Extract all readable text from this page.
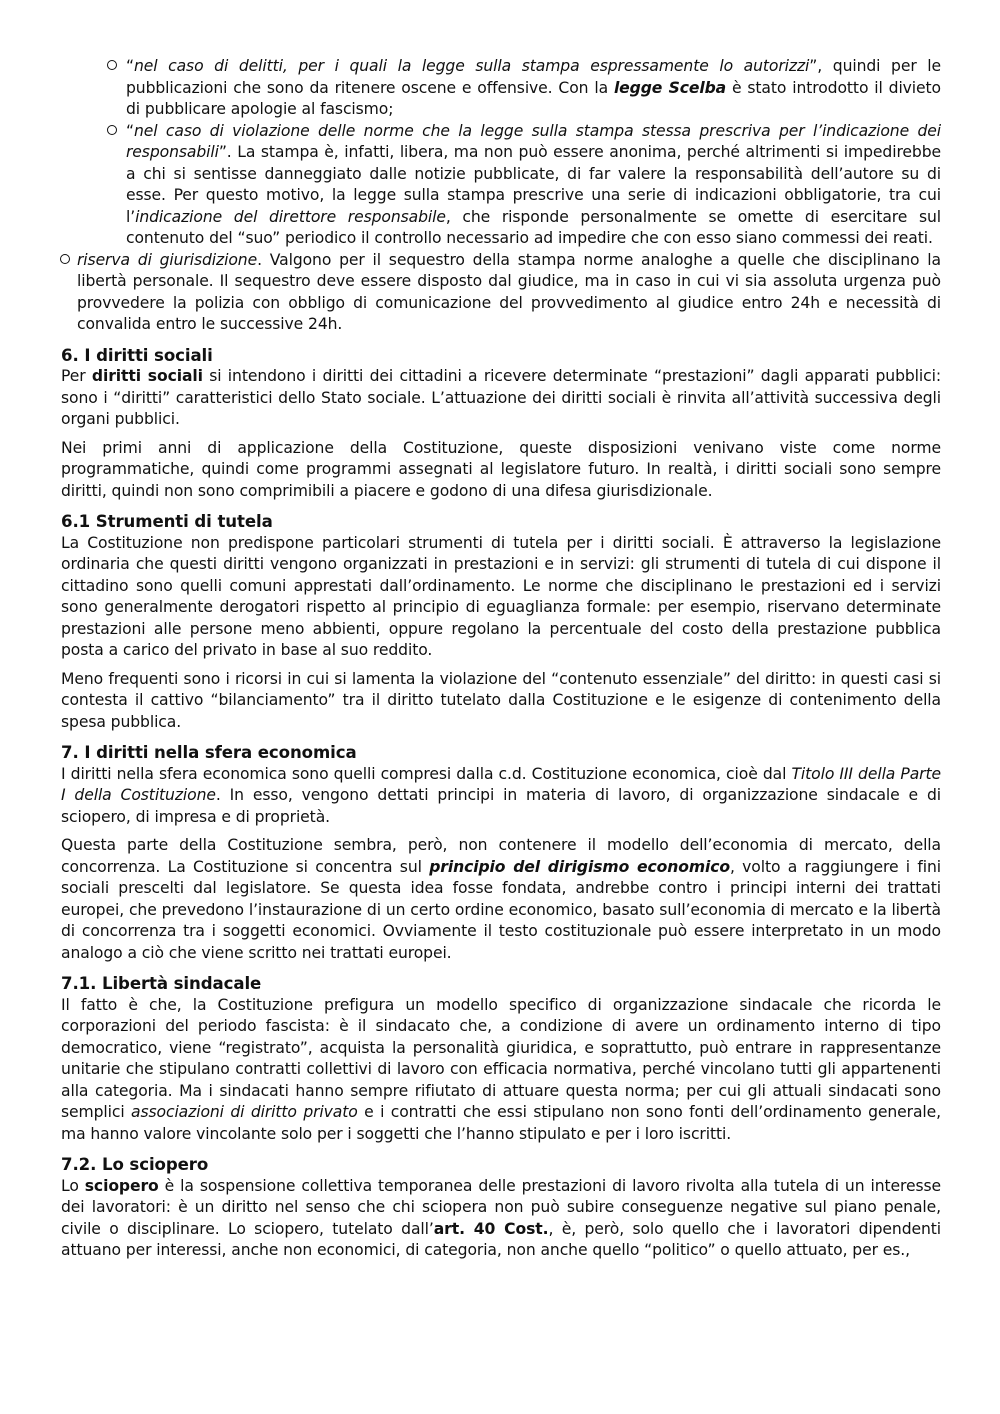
“nel caso di delitti, per i quali la legge sulla stampa espressamente lo autorizzi”, quindi per le pubblicazioni che sono da ritenere oscene e offensive. Con la legge Scelba è stato introdotto il divieto di pubblicare apologie al fascismo;
“nel caso di violazione delle norme che la legge sulla stampa stessa prescriva per l’indicazione dei responsabili”. La stampa è, infatti, libera, ma non può essere anonima, perché altrimenti si impedirebbe a chi si sentisse danneggiato dalle notizie pubblicate, di far valere la responsabilità dell’autore su di esse. Per questo motivo, la legge sulla stampa prescrive una serie di indicazioni obbligatorie, tra cui l’indicazione del direttore responsabile, che risponde personalmente se omette di esercitare sul contenuto del “suo” periodico il controllo necessario ad impedire che con esso siano commessi dei reati.
riserva di giurisdizione. Valgono per il sequestro della stampa norme analoghe a quelle che disciplinano la libertà personale. Il sequestro deve essere disposto dal giudice, ma in caso in cui vi sia assoluta urgenza può provvedere la polizia con obbligo di comunicazione del provvedimento al giudice entro 24h e necessità di convalida entro le successive 24h.
6. I diritti sociali

Per diritti sociali si intendono i diritti dei cittadini a ricevere determinate “prestazioni” dagli apparati pubblici: sono i “diritti” caratteristici dello Stato sociale. L’attuazione dei diritti sociali è rinvita all’attività successiva degli organi pubblici.

Nei primi anni di applicazione della Costituzione, queste disposizioni venivano viste come norme programmatiche, quindi come programmi assegnati al legislatore futuro. In realtà, i diritti sociali sono sempre diritti, quindi non sono comprimibili a piacere e godono di una difesa giurisdizionale.

6.1 Strumenti di tutela

La Costituzione non predispone particolari strumenti di tutela per i diritti sociali. È attraverso la legislazione ordinaria che questi diritti vengono organizzati in prestazioni e in servizi: gli strumenti di tutela di cui dispone il cittadino sono quelli comuni apprestati dall’ordinamento. Le norme che disciplinano le prestazioni ed i servizi sono generalmente derogatori rispetto al principio di eguaglianza formale: per esempio, riservano determinate prestazioni alle persone meno abbienti, oppure regolano la percentuale del costo della prestazione pubblica posta a carico del privato in base al suo reddito.

Meno frequenti sono i ricorsi in cui si lamenta la violazione del “contenuto essenziale” del diritto: in questi casi si contesta il cattivo “bilanciamento” tra il diritto tutelato dalla Costituzione e le esigenze di contenimento della spesa pubblica.

7. I diritti nella sfera economica

I diritti nella sfera economica sono quelli compresi dalla c.d. Costituzione economica, cioè dal Titolo III della Parte I della Costituzione. In esso, vengono dettati principi in materia di lavoro, di organizzazione sindacale e di sciopero, di impresa e di proprietà.

Questa parte della Costituzione sembra, però, non contenere il modello dell’economia di mercato, della concorrenza. La Costituzione si concentra sul principio del dirigismo economico, volto a raggiungere i fini sociali prescelti dal legislatore. Se questa idea fosse fondata, andrebbe contro i principi interni dei trattati europei, che prevedono l’instaurazione di un certo ordine economico, basato sull’economia di mercato e la libertà di concorrenza tra i soggetti economici. Ovviamente il testo costituzionale può essere interpretato in un modo analogo a ciò che viene scritto nei trattati europei.

7.1. Libertà sindacale

Il fatto è che, la Costituzione prefigura un modello specifico di organizzazione sindacale che ricorda le corporazioni del periodo fascista: è il sindacato che, a condizione di avere un ordinamento interno di tipo democratico, viene “registrato”, acquista la personalità giuridica, e soprattutto, può entrare in rappresentanze unitarie che stipulano contratti collettivi di lavoro con efficacia normativa, perché vincolano tutti gli appartenenti alla categoria. Ma i sindacati hanno sempre rifiutato di attuare questa norma; per cui gli attuali sindacati sono semplici associazioni di diritto privato e i contratti che essi stipulano non sono fonti dell’ordinamento generale, ma hanno valore vincolante solo per i soggetti che l’hanno stipulato e per i loro iscritti.

7.2. Lo sciopero

Lo sciopero è la sospensione collettiva temporanea delle prestazioni di lavoro rivolta alla tutela di un interesse dei lavoratori: è un diritto nel senso che chi sciopera non può subire conseguenze negative sul piano penale, civile o disciplinare. Lo sciopero, tutelato dall’art. 40 Cost., è, però, solo quello che i lavoratori dipendenti attuano per interessi, anche non economici, di categoria, non anche quello “politico” o quello attuato, per es.,
